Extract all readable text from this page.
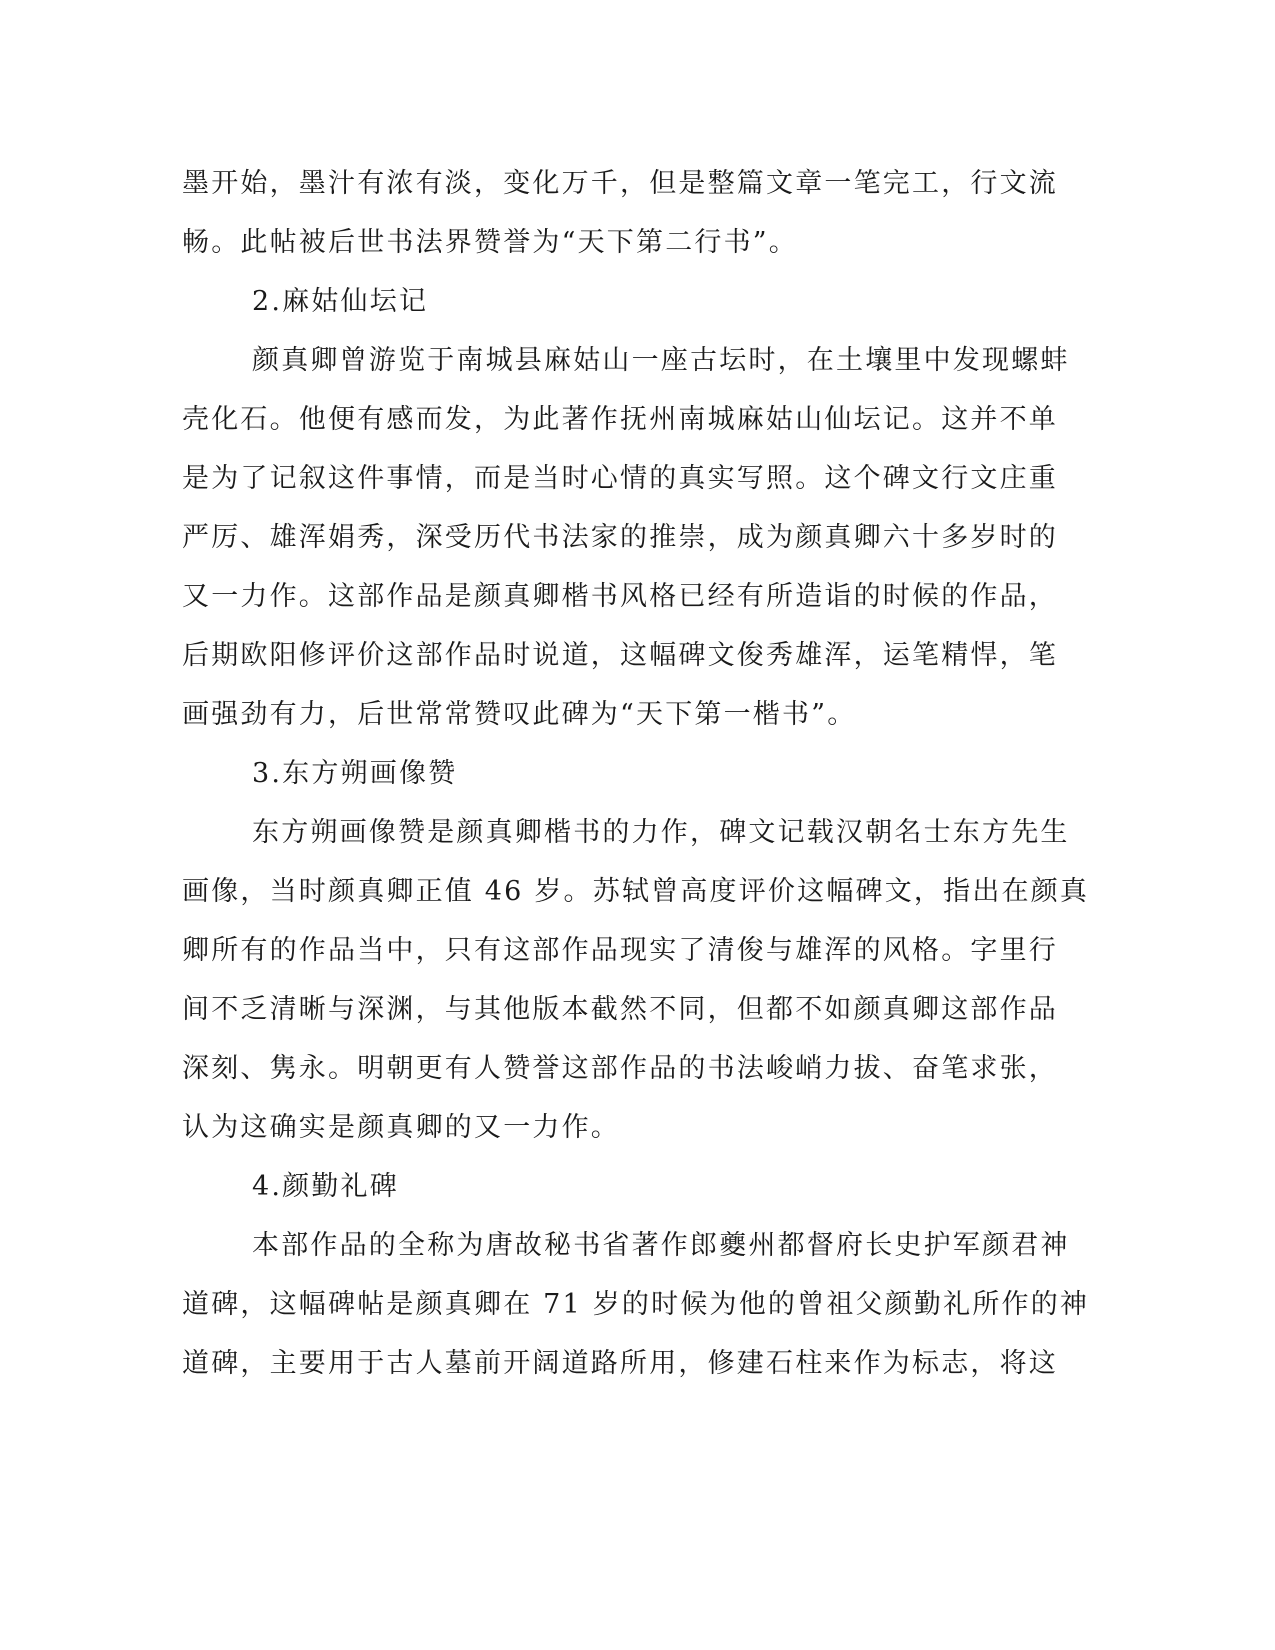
墨开始，墨汁有浓有淡，变化万千，但是整篇文章一笔完工，行文流
畅。此帖被后世书法界赞誉为“天下第二行书”。
2.麻姑仙坛记
颜真卿曾游览于南城县麻姑山一座古坛时，在土壤里中发现螺蚌
壳化石。他便有感而发，为此著作抚州南城麻姑山仙坛记。这并不单
是为了记叙这件事情，而是当时心情的真实写照。这个碑文行文庄重
严厉、雄浑娟秀，深受历代书法家的推崇，成为颜真卿六十多岁时的
又一力作。这部作品是颜真卿楷书风格已经有所造诣的时候的作品，
后期欧阳修评价这部作品时说道，这幅碑文俊秀雄浑，运笔精悍，笔
画强劲有力，后世常常赞叹此碑为“天下第一楷书”。
3.东方朔画像赞
东方朔画像赞是颜真卿楷书的力作，碑文记载汉朝名士东方先生
画像，当时颜真卿正值 46 岁。苏轼曾高度评价这幅碑文，指出在颜真
卿所有的作品当中，只有这部作品现实了清俊与雄浑的风格。字里行
间不乏清晰与深渊，与其他版本截然不同，但都不如颜真卿这部作品
深刻、隽永。明朝更有人赞誉这部作品的书法峻峭力拔、奋笔求张，
认为这确实是颜真卿的又一力作。
4.颜勤礼碑
本部作品的全称为唐故秘书省著作郎夔州都督府长史护军颜君神
道碑，这幅碑帖是颜真卿在 71 岁的时候为他的曾祖父颜勤礼所作的神
道碑，主要用于古人墓前开阔道路所用，修建石柱来作为标志，将这
